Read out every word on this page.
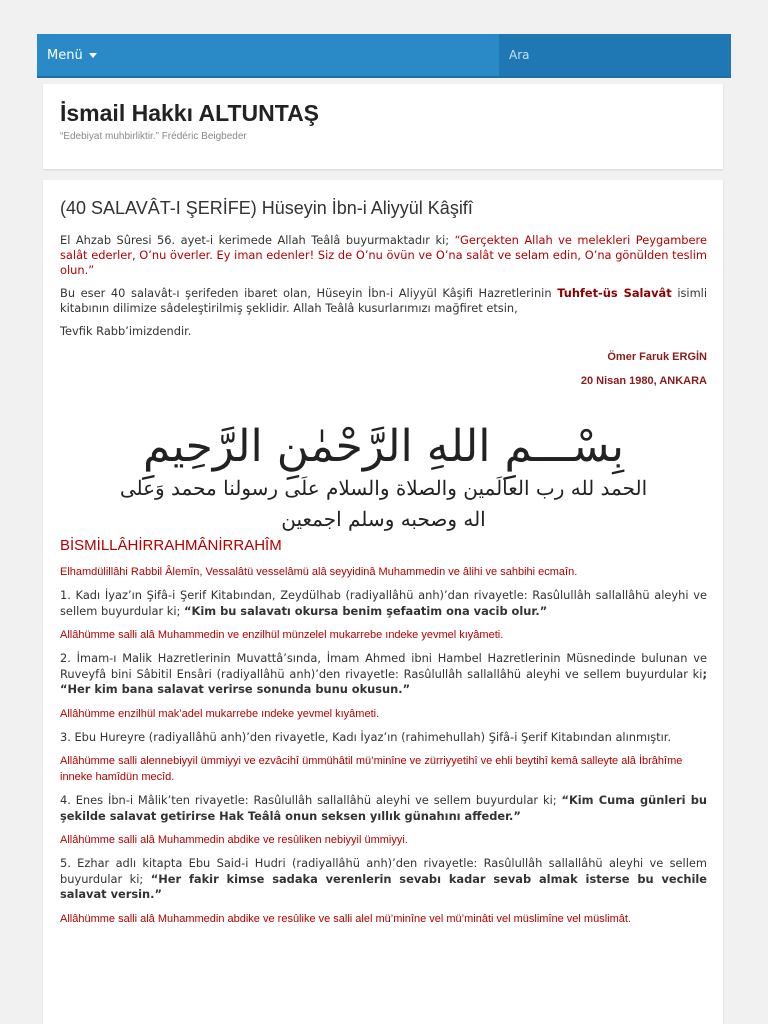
Menü
Ara
İsmail Hakkı ALTUNTAŞ
“Edebiyat muhbirliktir.” Frédéric Beigbeder
(40 SALAVÂT-I ŞERİFE) Hüseyin İbn-i Aliyyül Kâşifî

El Ahzab Sûresi 56. ayet-i kerimede Allah Teâlâ buyurmaktadır ki; “Gerçekten Allah ve melekleri Peygambere salât ederler, O’nu överler. Ey iman edenler! Siz de O’nu övün ve O’na salât ve selam edin, O’na gönülden teslim olun.”

Bu eser 40 salavât-ı şerifeden ibaret olan, Hüseyin İbn-i Aliyyül Kâşifi Hazretlerinin Tuhfet-üs Salavât isimli kitabının dilimize sâdeleştirilmiş şeklidir. Allah Teâlâ kusurlarımızı mağfiret etsin,

Tevfik Rabb’imizdendir.

Ömer Faruk ERGİN

20 Nisan 1980, ANKARA

بِسْـــمِ اللهِ الرَّحْمٰنِ الرَّحِيمِ
الحمد لله رب العالَمين والصلاة والسلام علَى رسولنا محمد وَعلى
اله وصحبه وسلم اجمعين
BİSMİLLÂHİRRAHMÂNİRRAHÎM

Elhamdülillâhi Rabbil Âlemîn, Vessalâtü vesselâmü alâ seyyidinâ Muhammedin ve âlihi ve sahbihi ecmaîn.

1. Kadı İyaz’ın Şifâ-i Şerif Kitabından, Zeydülhab (radiyallâhü anh)’dan rivayetle: Rasûlullâh sallallâhü aleyhi ve sellem buyurdular ki; “Kim bu salavatı okursa benim şefaatim ona vacib olur.”

Allâhümme salli alâ Muhammedin ve enzilhül münzelel mukarrebe ındeke yevmel kıyâmeti.

2. İmam-ı Malik Hazretlerinin Muvattâ’sında, İmam Ahmed ibni Hambel Hazretlerinin Müsnedinde bulunan ve Ruveyfâ bini Sâbitil Ensâri (radiyallâhü anh)’den rivayetle: Rasûlullâh sallallâhü aleyhi ve sellem buyurdular ki; “Her kim bana salavat verirse sonunda bunu okusun.”

Allâhümme enzilhül mak’adel mukarrebe ındeke yevmel kıyâmeti.

3. Ebu Hureyre (radiyallâhü anh)’den rivayetle, Kadı İyaz’ın (rahimehullah) Şifâ-i Şerif Kitabından alınmıştır.

Allâhümme salli alennebiyyil ümmiyyi ve ezvâcihî ümmühâtil mü’minîne ve zürriyyetihî ve ehli beytihî kemâ salleyte alâ İbrâhîme inneke hamîdün mecîd.

4. Enes İbn-i Mâlik’ten rivayetle: Rasûlullâh sallallâhü aleyhi ve sellem buyurdular ki; “Kim Cuma günleri bu şekilde salavat getirirse Hak Teâlâ onun seksen yıllık günahını affeder.”

Allâhümme salli alâ Muhammedin abdike ve resûliken nebiyyil ümmiyyi.

5. Ezhar adlı kitapta Ebu Said-i Hudri (radiyallâhü anh)’den rivayetle: Rasûlullâh sallallâhü aleyhi ve sellem buyurdular ki; “Her fakir kimse sadaka verenlerin sevabı kadar sevab almak isterse bu vechile salavat versin.”

Allâhümme salli alâ Muhammedin abdike ve resûlike ve salli alel mü’minîne vel mü’minâti vel müslimîne vel müslimât.
